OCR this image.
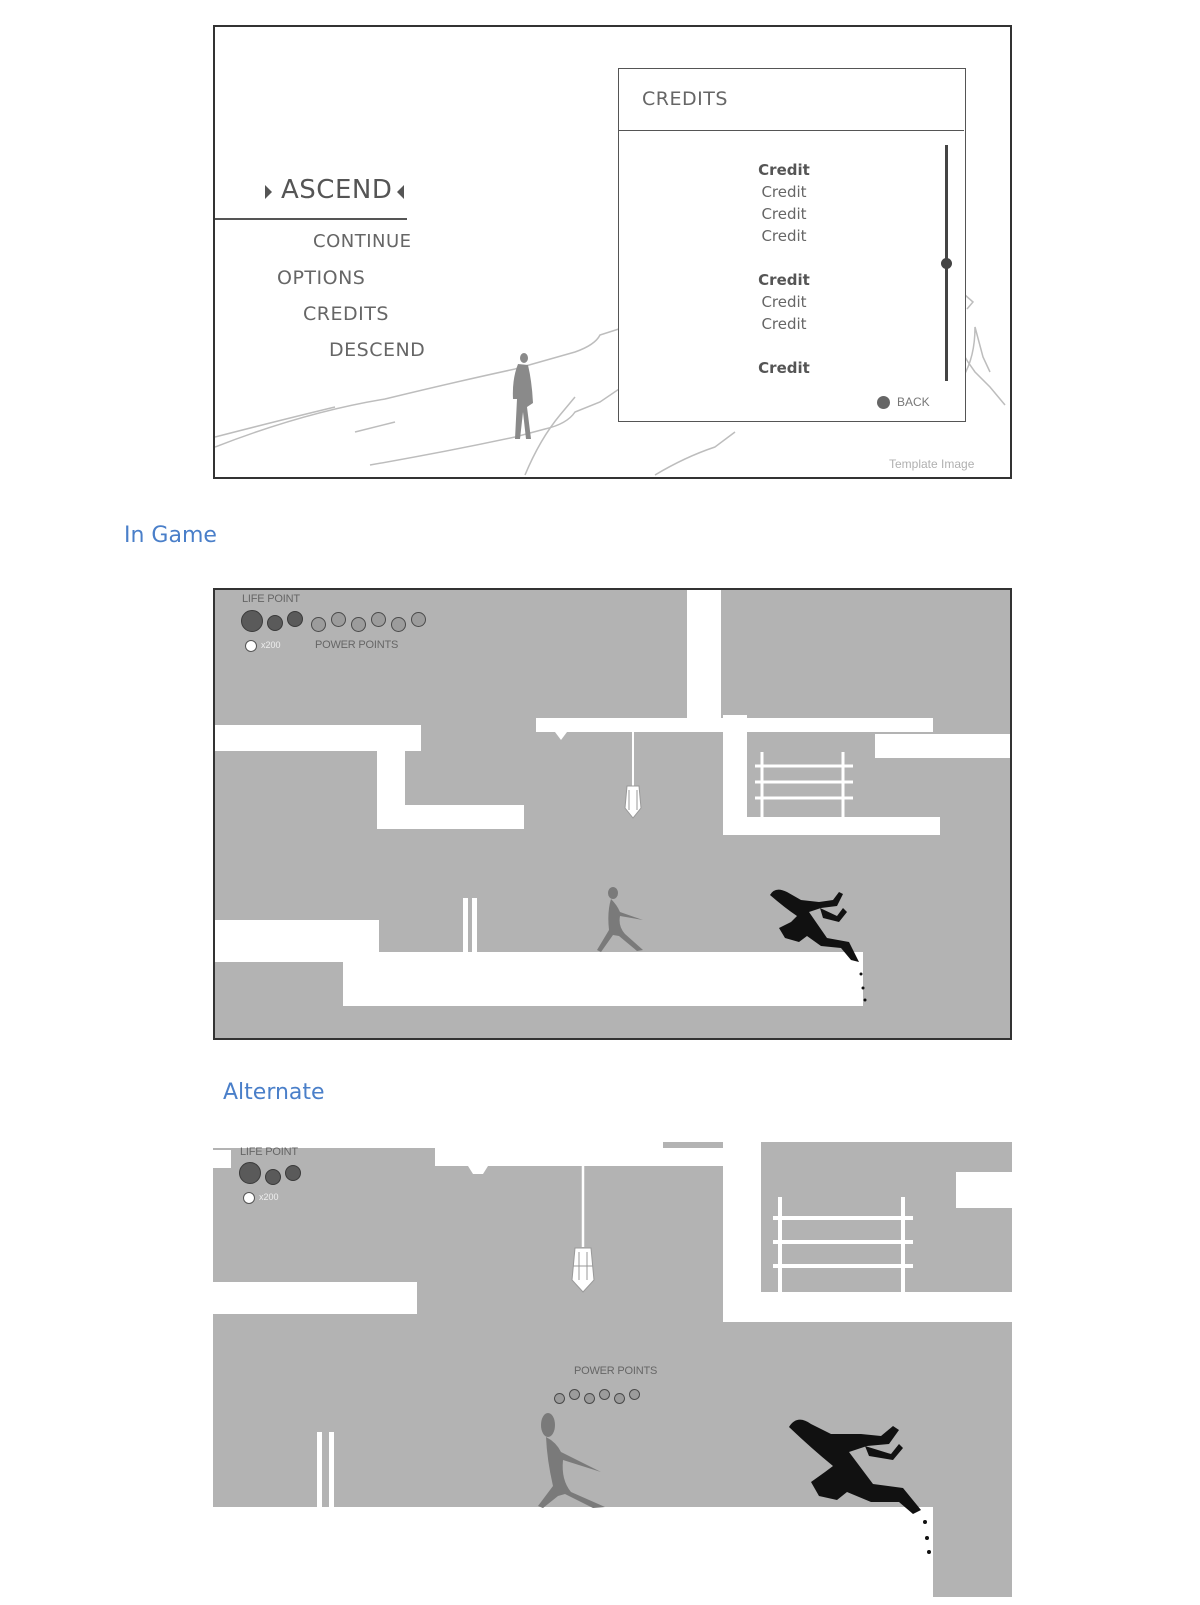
ASCEND
CONTINUE
OPTIONS
CREDITS
DESCEND
CREDITS
Credit
Credit
Credit
Credit
Credit
Credit
Credit
Credit
BACK
Template Image
In Game
Alternate
LIFE POINT
x200	POWER POINTS
LIFE POINT
x200
POWER POINTS
